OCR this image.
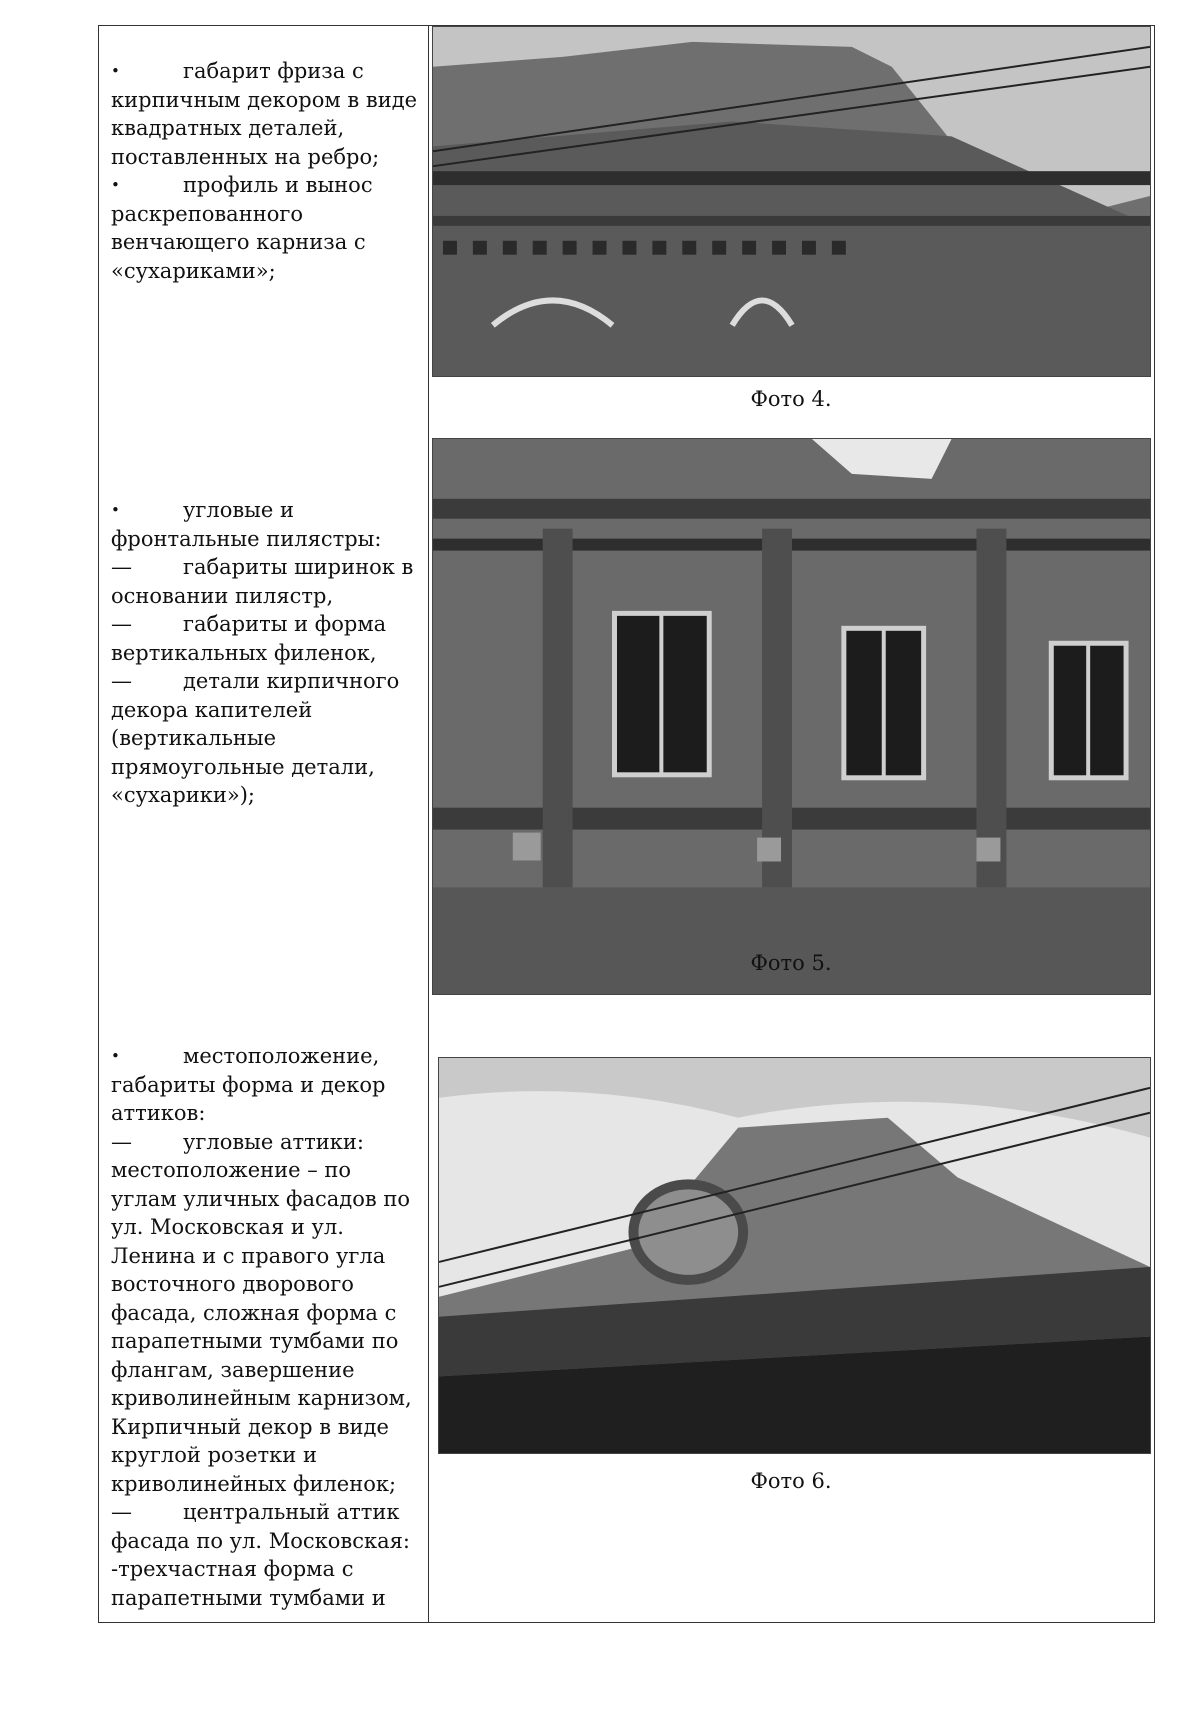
•	габарит фриза с кирпичным декором в виде квадратных деталей, поставленных на ребро;

•	профиль и вынос раскрепованного венчающего карниза с «сухариками»;

•	угловые и фронтальные пилястры:

— габариты ширинок в основании пилястр,

— габариты и форма вертикальных филенок,

— детали кирпичного декора капителей (вертикальные прямоугольные детали, «сухарики»);

•	местоположение, габариты форма и декор аттиков:

— угловые аттики: местоположение – по углам уличных фасадов по ул. Московская и ул. Ленина и с правого угла восточного дворового фасада, сложная форма с парапетными тумбами по флангам, завершение криволинейным карнизом, Кирпичный декор в виде круглой розетки и криволинейных филенок;

— центральный аттик фасада по ул. Московская: -трехчастная форма с парапетными тумбами и

Фото 4.
Фото 5.
Фото 6.
